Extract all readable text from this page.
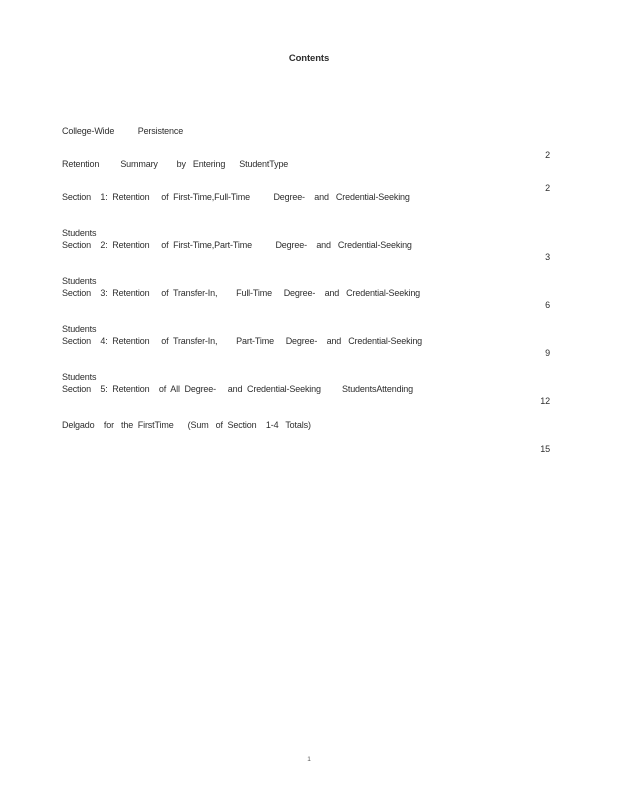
Contents

College-Wide          Persistence

2

Retention         Summary        by   Entering      StudentType

2

Section    1:  Retention     of  First-Time,Full-Time          Degree-    and   Credential-Seeking

Students

3

Section    2:  Retention     of  First-Time,Part-Time          Degree-    and   Credential-Seeking

Students

6

Section    3:  Retention     of  Transfer-In,        Full-Time     Degree-    and   Credential-Seeking

Students

9

Section    4:  Retention     of  Transfer-In,        Part-Time     Degree-    and   Credential-Seeking

Students

12

Section    5:  Retention    of  All  Degree-     and  Credential-Seeking         StudentsAttending

Delgado    for   the  FirstTime      (Sum   of  Section    1-4   Totals)

15
1
